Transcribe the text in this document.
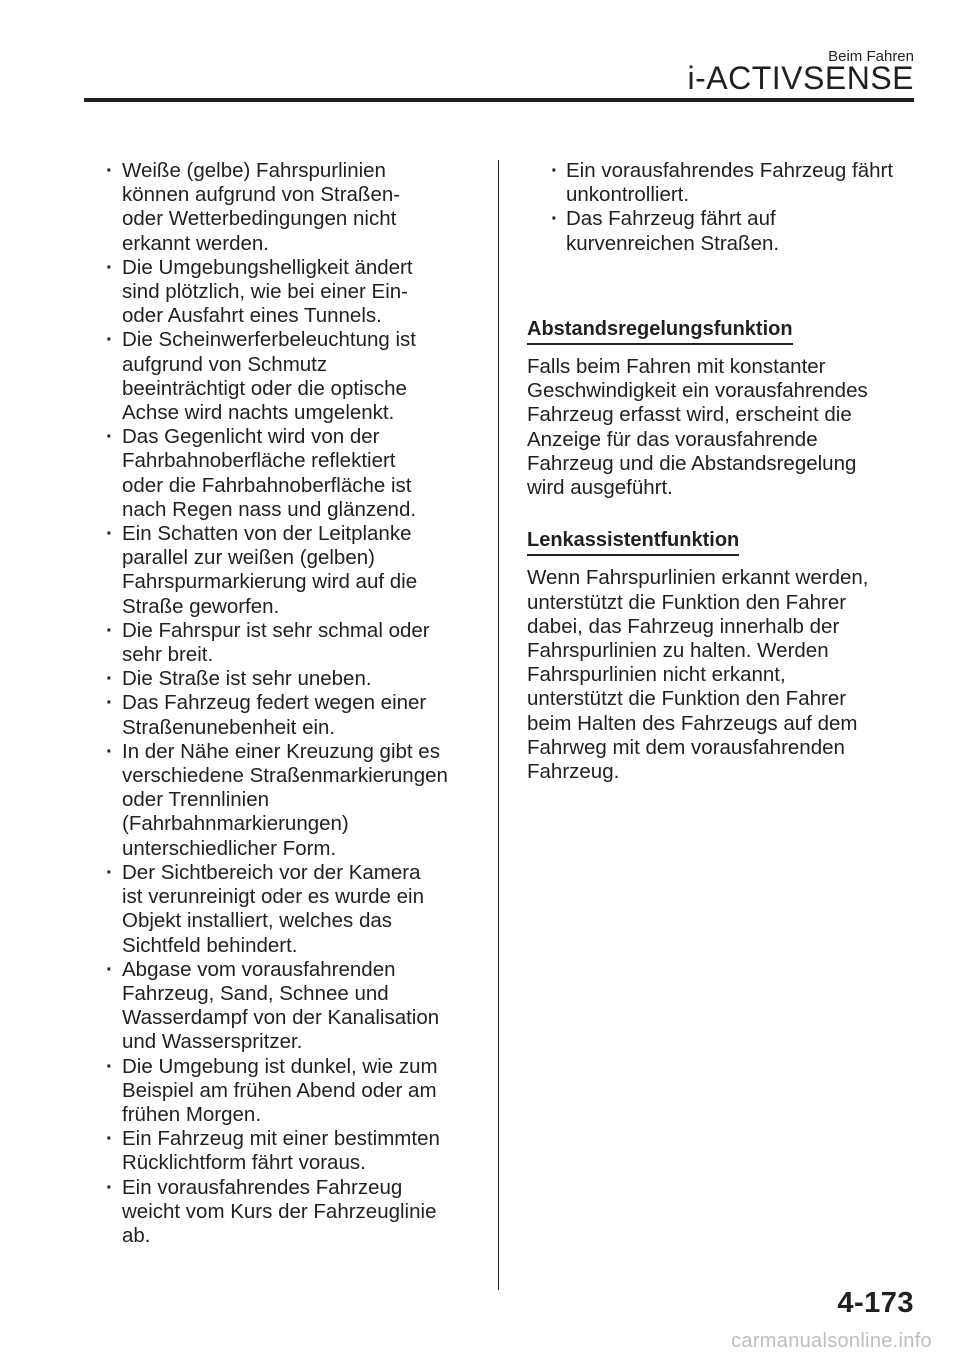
Beim Fahren
i-ACTIVSENSE
· Weiße (gelbe) Fahrspurlinien
können aufgrund von Straßen-
oder Wetterbedingungen nicht
erkannt werden.
· Die Umgebungshelligkeit ändert
sind plötzlich, wie bei einer Ein-
oder Ausfahrt eines Tunnels.
· Die Scheinwerferbeleuchtung ist
aufgrund von Schmutz
beeinträchtigt oder die optische
Achse wird nachts umgelenkt.
· Das Gegenlicht wird von der
Fahrbahnoberfläche reflektiert
oder die Fahrbahnoberfläche ist
nach Regen nass und glänzend.
· Ein Schatten von der Leitplanke
parallel zur weißen (gelben)
Fahrspurmarkierung wird auf die
Straße geworfen.
· Die Fahrspur ist sehr schmal oder
sehr breit.
· Die Straße ist sehr uneben.
· Das Fahrzeug federt wegen einer
Straßenunebenheit ein.
· In der Nähe einer Kreuzung gibt es
verschiedene Straßenmarkierungen
oder Trennlinien
(Fahrbahnmarkierungen)
unterschiedlicher Form.
· Der Sichtbereich vor der Kamera
ist verunreinigt oder es wurde ein
Objekt installiert, welches das
Sichtfeld behindert.
· Abgase vom vorausfahrenden
Fahrzeug, Sand, Schnee und
Wasserdampf von der Kanalisation
und Wasserspritzer.
· Die Umgebung ist dunkel, wie zum
Beispiel am frühen Abend oder am
frühen Morgen.
· Ein Fahrzeug mit einer bestimmten
Rücklichtform fährt voraus.
· Ein vorausfahrendes Fahrzeug
weicht vom Kurs der Fahrzeuglinie
ab.
· Ein vorausfahrendes Fahrzeug fährt
unkontrolliert.
· Das Fahrzeug fährt auf
kurvenreichen Straßen.
Abstandsregelungsfunktion
Falls beim Fahren mit konstanter
Geschwindigkeit ein vorausfahrendes
Fahrzeug erfasst wird, erscheint die
Anzeige für das vorausfahrende
Fahrzeug und die Abstandsregelung
wird ausgeführt.
Lenkassistentfunktion
Wenn Fahrspurlinien erkannt werden,
unterstützt die Funktion den Fahrer
dabei, das Fahrzeug innerhalb der
Fahrspurlinien zu halten. Werden
Fahrspurlinien nicht erkannt,
unterstützt die Funktion den Fahrer
beim Halten des Fahrzeugs auf dem
Fahrweg mit dem vorausfahrenden
Fahrzeug.
4-173
carmanualsonline.info
